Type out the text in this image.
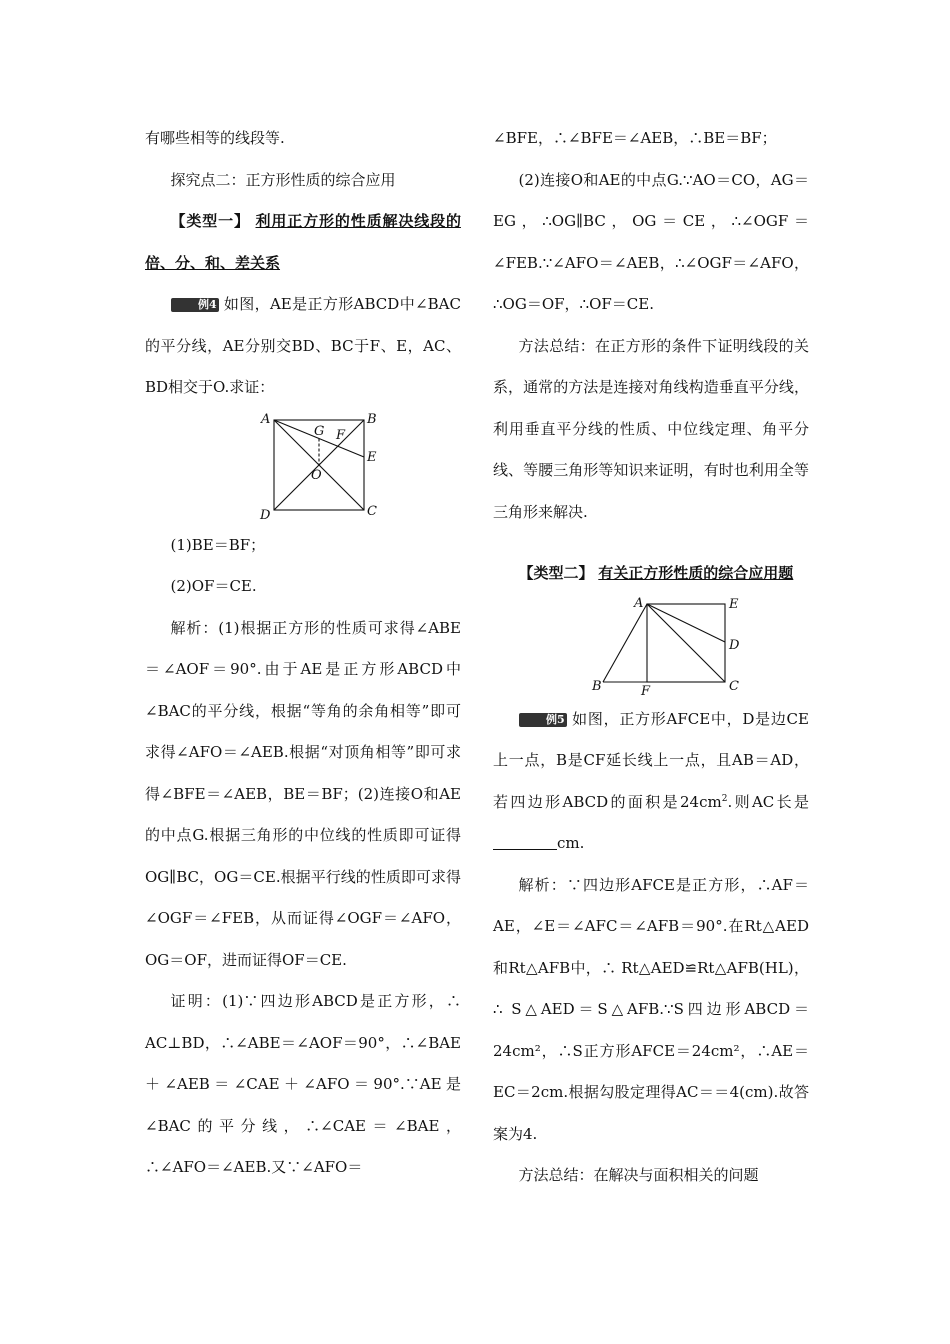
有哪些相等的线段等.

探究点二：正方形性质的综合应用

【类型一】 利用正方形的性质解决线段的倍、分、和、差关系

例4 如图，AE是正方形ABCD中∠BAC的平分线，AE分别交BD、BC于F、E，AC、BD相交于O.求证：

A	B
C
D
E
F
G
O

(1)BE＝BF；

(2)OF＝CE.

解析：(1)根据正方形的性质可求得∠ABE＝∠AOF＝90°.由于AE是正方形ABCD中∠BAC的平分线，根据“等角的余角相等”即可求得∠AFO＝∠AEB.根据“对顶角相等”即可求得∠BFE＝∠AEB，BE＝BF；(2)连接O和AE的中点G.根据三角形的中位线的性质即可证得OG∥BC，OG＝CE.根据平行线的性质即可求得∠OGF＝∠FEB，从而证得∠OGF＝∠AFO，OG＝OF，进而证得OF＝CE.

证明：(1)∵四边形ABCD是正方形，∴ AC⊥BD，∴∠ABE＝∠AOF＝90°，∴∠BAE＋∠AEB＝∠CAE＋∠AFO＝90°.∵AE是∠BAC的平分线，∴∠CAE＝∠BAE，∴∠AFO＝∠AEB.又∵∠AFO＝

∠BFE，∴∠BFE＝∠AEB，∴BE＝BF；

(2)连接O和AE的中点G.∵AO＝CO，AG＝EG，∴OG∥BC，OG＝CE，∴∠OGF＝∠FEB.∵∠AFO＝∠AEB，∴∠OGF＝∠AFO，∴OG＝OF，∴OF＝CE.

方法总结：在正方形的条件下证明线段的关系，通常的方法是连接对角线构造垂直平分线，利用垂直平分线的性质、中位线定理、角平分线、等腰三角形等知识来证明，有时也利用全等三角形来解决.

【类型二】 有关正方形性质的综合应用题

A	E
D
C
B	F

例5 如图，正方形AFCE中，D是边CE上一点，B是CF延长线上一点，且AB＝AD，若四边形ABCD的面积是$24cm^2$.则AC长是cm.

解析：∵四边形AFCE是正方形，∴AF＝AE，∠E＝∠AFC＝∠AFB＝90°.在Rt△AED和Rt△AFB中，∴ Rt△AED≌Rt△AFB(HL)，∴ S△AED＝S△AFB.∵S四边形ABCD＝24cm²，∴S正方形AFCE＝24cm²，∴AE＝EC＝2cm.根据勾股定理得AC＝＝4(cm).故答案为4.

方法总结：在解决与面积相关的问题
